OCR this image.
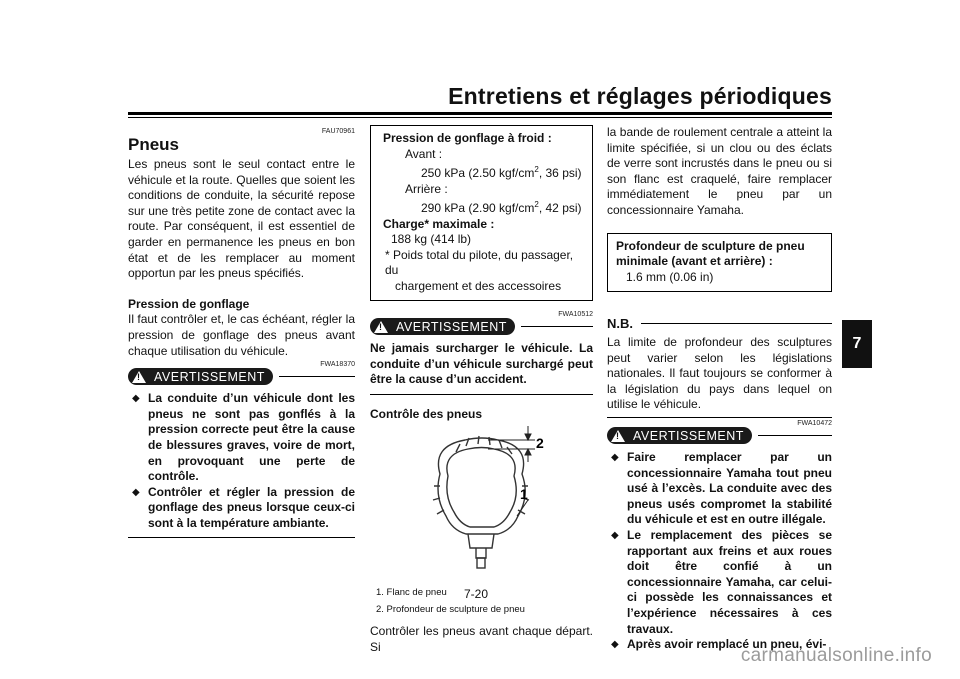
Entretiens et réglages périodiques
7
FAU70961
Pneus
Les pneus sont le seul contact entre le véhicule et la route. Quelles que soient les conditions de conduite, la sécurité repose sur une très petite zone de contact avec la route. Par conséquent, il est essentiel de garder en permanence les pneus en bon état et de les remplacer au moment opportun par les pneus spécifiés.
Pression de gonflage
Il faut contrôler et, le cas échéant, régler la pression de gonflage des pneus avant chaque utilisation du véhicule.
FWA18370
! AVERTISSEMENT
◆ La conduite d’un véhicule dont les pneus ne sont pas gonflés à la pression correcte peut être la cause de blessures graves, voire de mort, en provoquant une perte de contrôle.
◆ Contrôler et régler la pression de gonflage des pneus lorsque ceux-ci sont à la température ambiante.
Pression de gonflage à froid :
Avant :
250 kPa (2.50 kgf/$cm^2$, 36 psi)
Arrière :
290 kPa (2.90 kgf/$cm^2$, 42 psi)
Charge* maximale :
188 kg (414 lb)
* Poids total du pilote, du passager, du
chargement et des accessoires
FWA10512
! AVERTISSEMENT
Ne jamais surcharger le véhicule. La conduite d’un véhicule surchargé peut être la cause d’un accident.
Contrôle des pneus
2
1
1. Flanc de pneu
2. Profondeur de sculpture de pneu
Contrôler les pneus avant chaque départ. Si
la bande de roulement centrale a atteint la limite spécifiée, si un clou ou des éclats de verre sont incrustés dans le pneu ou si son flanc est craquelé, faire remplacer immédiatement le pneu par un concessionnaire Yamaha.
Profondeur de sculpture de pneu minimale (avant et arrière) :
1.6 mm (0.06 in)
N.B.
La limite de profondeur des sculptures peut varier selon les législations nationales. Il faut toujours se conformer à la législation du pays dans lequel on utilise le véhicule.
FWA10472
! AVERTISSEMENT
◆ Faire remplacer par un concessionnaire Yamaha tout pneu usé à l’excès. La conduite avec des pneus usés compromet la stabilité du véhicule et est en outre illégale.
◆ Le remplacement des pièces se rapportant aux freins et aux roues doit être confié à un concessionnaire Yamaha, car celui-ci possède les connaissances et l’expérience nécessaires à ces travaux.
◆ Après avoir remplacé un pneu, évi-
7-20
carmanualsonline.info
